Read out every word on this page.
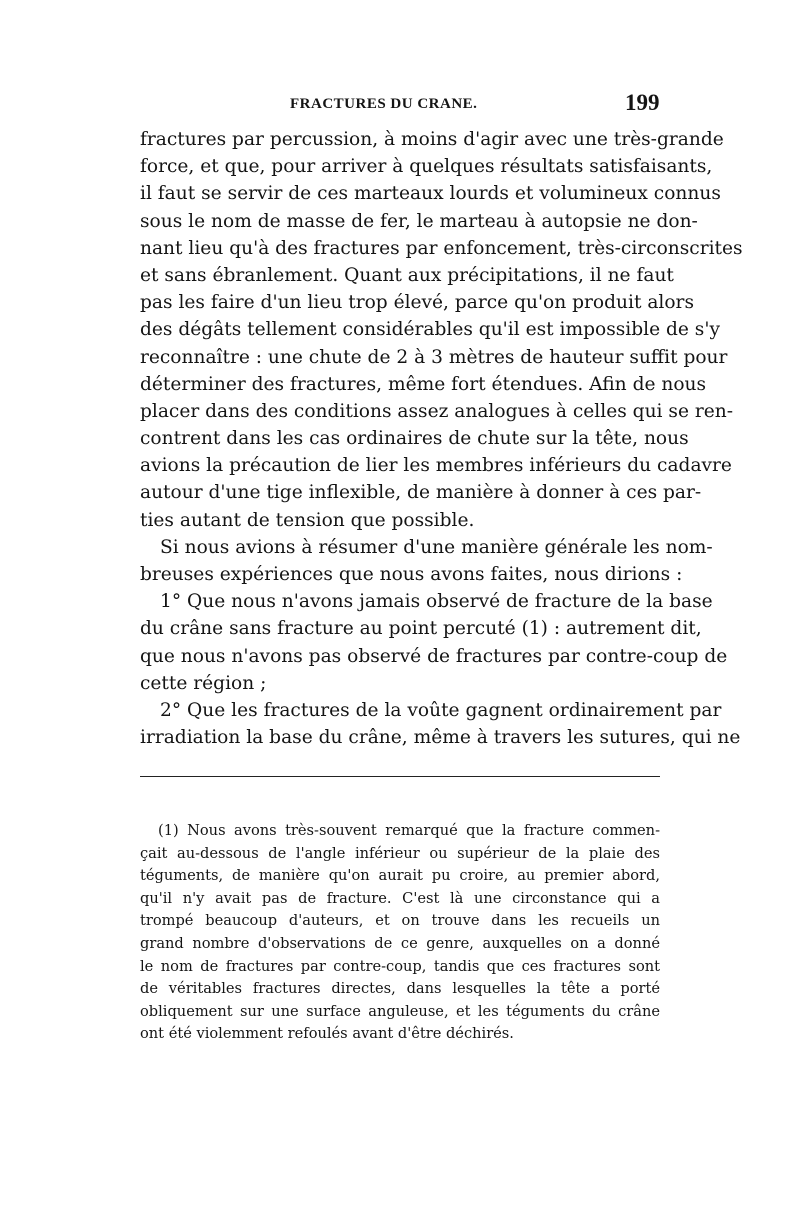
FRACTURES DU CRANE.	199
fractures par percussion, à moins d'agir avec une très-grande
force, et que, pour arriver à quelques résultats satisfaisants,
il faut se servir de ces marteaux lourds et volumineux connus
sous le nom de masse de fer, le marteau à autopsie ne don-
nant lieu qu'à des fractures par enfoncement, très-circonscrites
et sans ébranlement. Quant aux précipitations, il ne faut
pas les faire d'un lieu trop élevé, parce qu'on produit alors
des dégâts tellement considérables qu'il est impossible de s'y
reconnaître : une chute de 2 à 3 mètres de hauteur suffit pour
déterminer des fractures, même fort étendues. Afin de nous
placer dans des conditions assez analogues à celles qui se ren-
contrent dans les cas ordinaires de chute sur la tête, nous
avions la précaution de lier les membres inférieurs du cadavre
autour d'une tige inflexible, de manière à donner à ces par-
ties autant de tension que possible.
Si nous avions à résumer d'une manière générale les nom-
breuses expériences que nous avons faites, nous dirions :
1° Que nous n'avons jamais observé de fracture de la base
du crâne sans fracture au point percuté (1) : autrement dit,
que nous n'avons pas observé de fractures par contre-coup de
cette région ;
2° Que les fractures de la voûte gagnent ordinairement par
irradiation la base du crâne, même à travers les sutures, qui ne
(1) Nous avons très-souvent remarqué que la fracture commen-
çait au-dessous de l'angle inférieur ou supérieur de la plaie des
téguments, de manière qu'on aurait pu croire, au premier abord,
qu'il n'y avait pas de fracture. C'est là une circonstance qui a
trompé beaucoup d'auteurs, et on trouve dans les recueils un
grand nombre d'observations de ce genre, auxquelles on a donné
le nom de fractures par contre-coup, tandis que ces fractures sont
de véritables fractures directes, dans lesquelles la tête a porté
obliquement sur une surface anguleuse, et les téguments du crâne
ont été violemment refoulés avant d'être déchirés.
